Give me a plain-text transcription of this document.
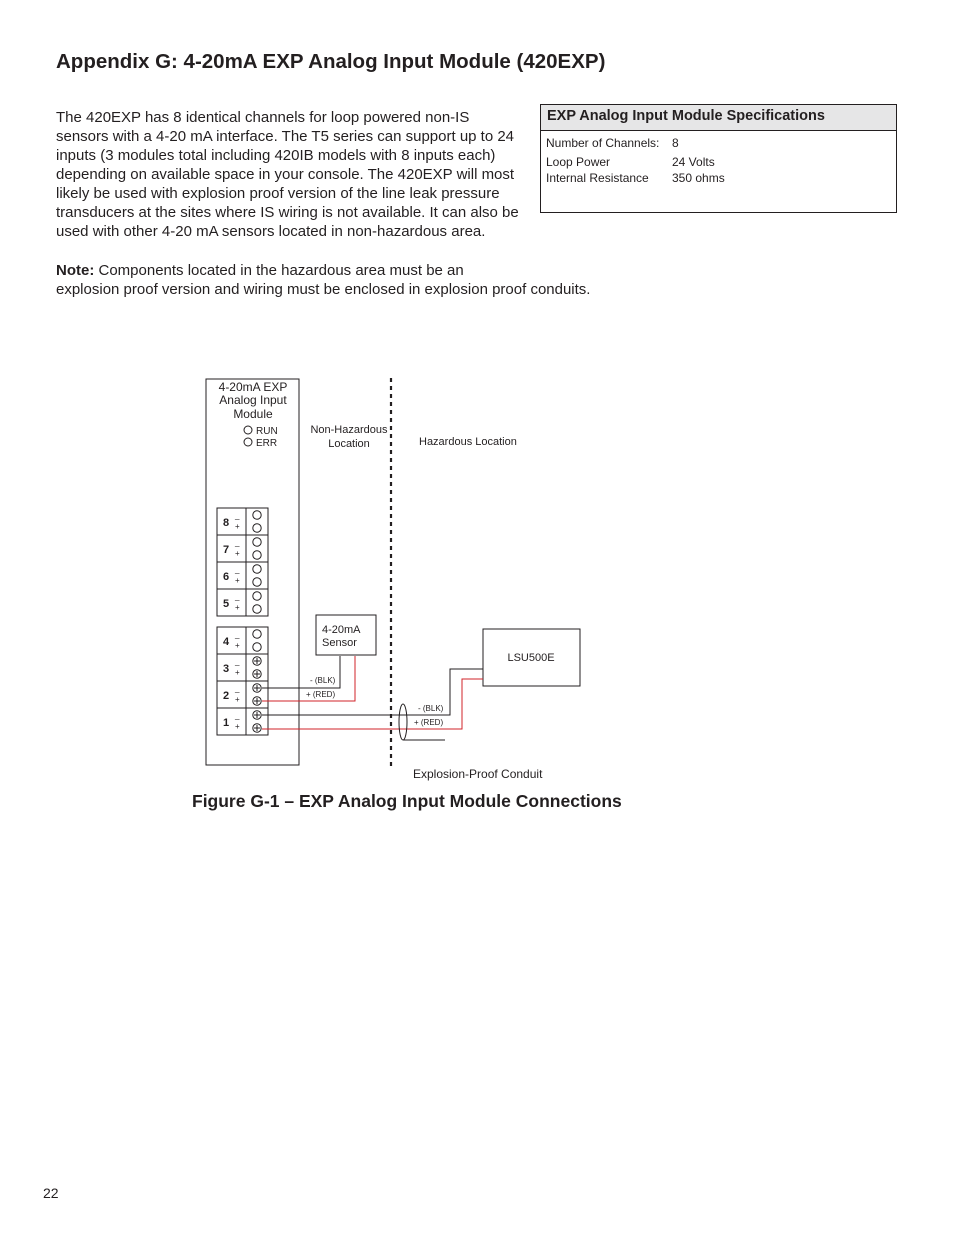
Appendix G: 4-20mA EXP Analog Input Module (420EXP)

The 420EXP has 8 identical channels for loop powered non-IS sensors with a 4-20 mA interface. The T5 series can support up to 24 inputs (3 modules total including 420IB models with 8 inputs each) depending on available space in your console. The 420EXP will most likely be used with explosion proof version of the line leak pressure transducers at the sites where IS wiring is not available. It can also be used with other 4-20 mA sensors located in non-hazardous area.

Note: Components located in the hazardous area must be an
explosion proof version and wiring must be enclosed in explosion proof conduits.
EXP Analog Input Module Specifications
Number of Channels: 8
Loop Power	24 Volts
Internal Resistance 350 ohms
4-20mA EXP
Analog Input
Module
RUN
ERR
8
_
+
7
_
+
6
_
+
5
_
+
4
_
+
3
_
+
2
_
+
1
_
+
Non-Hazardous
Location	Hazardous Location
4-20mA
Sensor
LSU500E
- (BLK)
+ (RED)
- (BLK)
+ (RED)
Explosion-Proof Conduit
Figure G-1 – EXP Analog Input Module Connections
22
